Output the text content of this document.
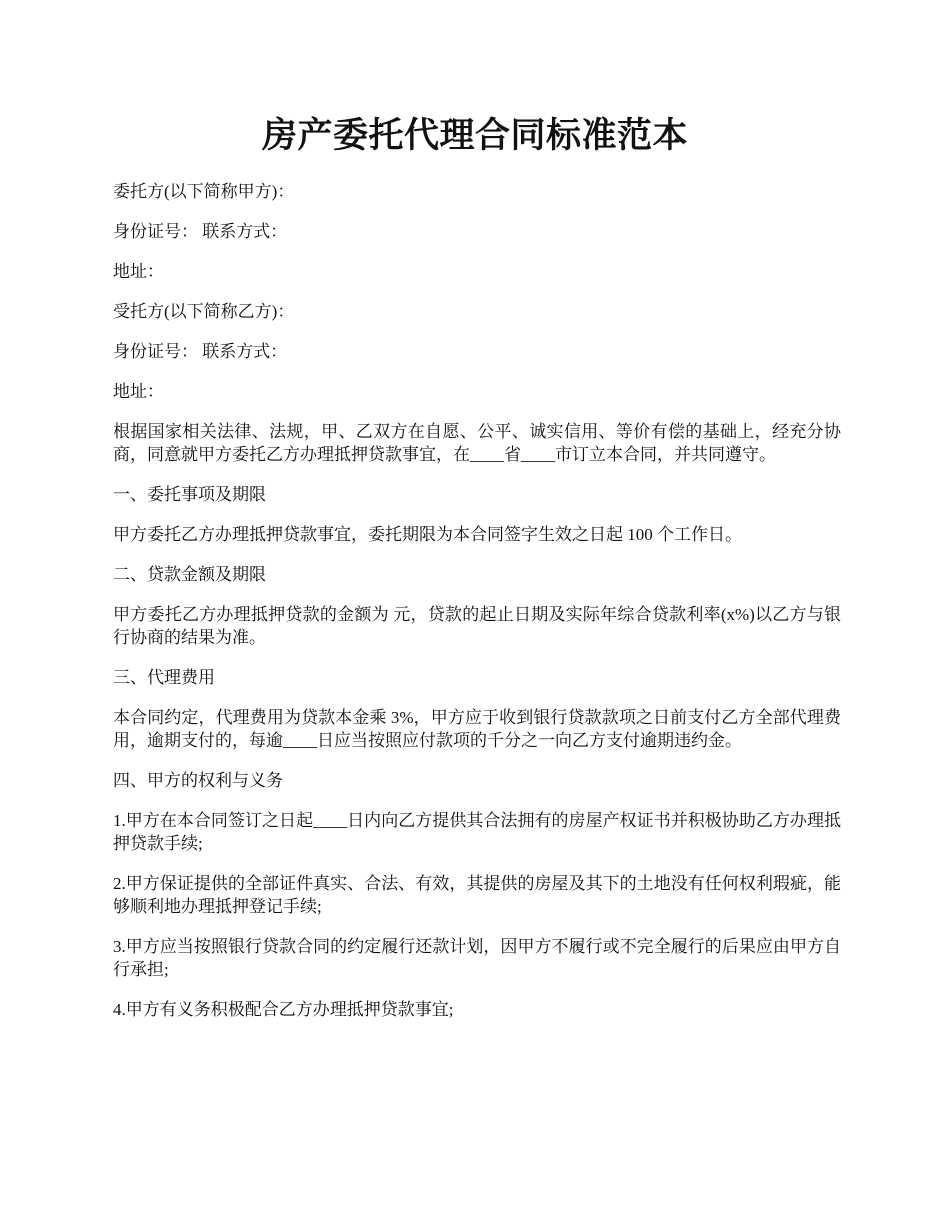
房产委托代理合同标准范本

委托方(以下简称甲方)：

身份证号： 联系方式：

地址：

受托方(以下简称乙方)：

身份证号： 联系方式：

地址：

根据国家相关法律、法规，甲、乙双方在自愿、公平、诚实信用、等价有偿的基础上，经充分协商，同意就甲方委托乙方办理抵押贷款事宜，在____省____市订立本合同，并共同遵守。

一、委托事项及期限

甲方委托乙方办理抵押贷款事宜，委托期限为本合同签字生效之日起 100 个工作日。

二、贷款金额及期限

甲方委托乙方办理抵押贷款的金额为 元，贷款的起止日期及实际年综合贷款利率(x%)以乙方与银行协商的结果为准。

三、代理费用

本合同约定，代理费用为贷款本金乘 3%，甲方应于收到银行贷款款项之日前支付乙方全部代理费用，逾期支付的，每逾____日应当按照应付款项的千分之一向乙方支付逾期违约金。

四、甲方的权利与义务

1.甲方在本合同签订之日起____日内向乙方提供其合法拥有的房屋产权证书并积极协助乙方办理抵押贷款手续;

2.甲方保证提供的全部证件真实、合法、有效，其提供的房屋及其下的土地没有任何权利瑕疵，能够顺利地办理抵押登记手续;

3.甲方应当按照银行贷款合同的约定履行还款计划，因甲方不履行或不完全履行的后果应由甲方自行承担;

4.甲方有义务积极配合乙方办理抵押贷款事宜;
